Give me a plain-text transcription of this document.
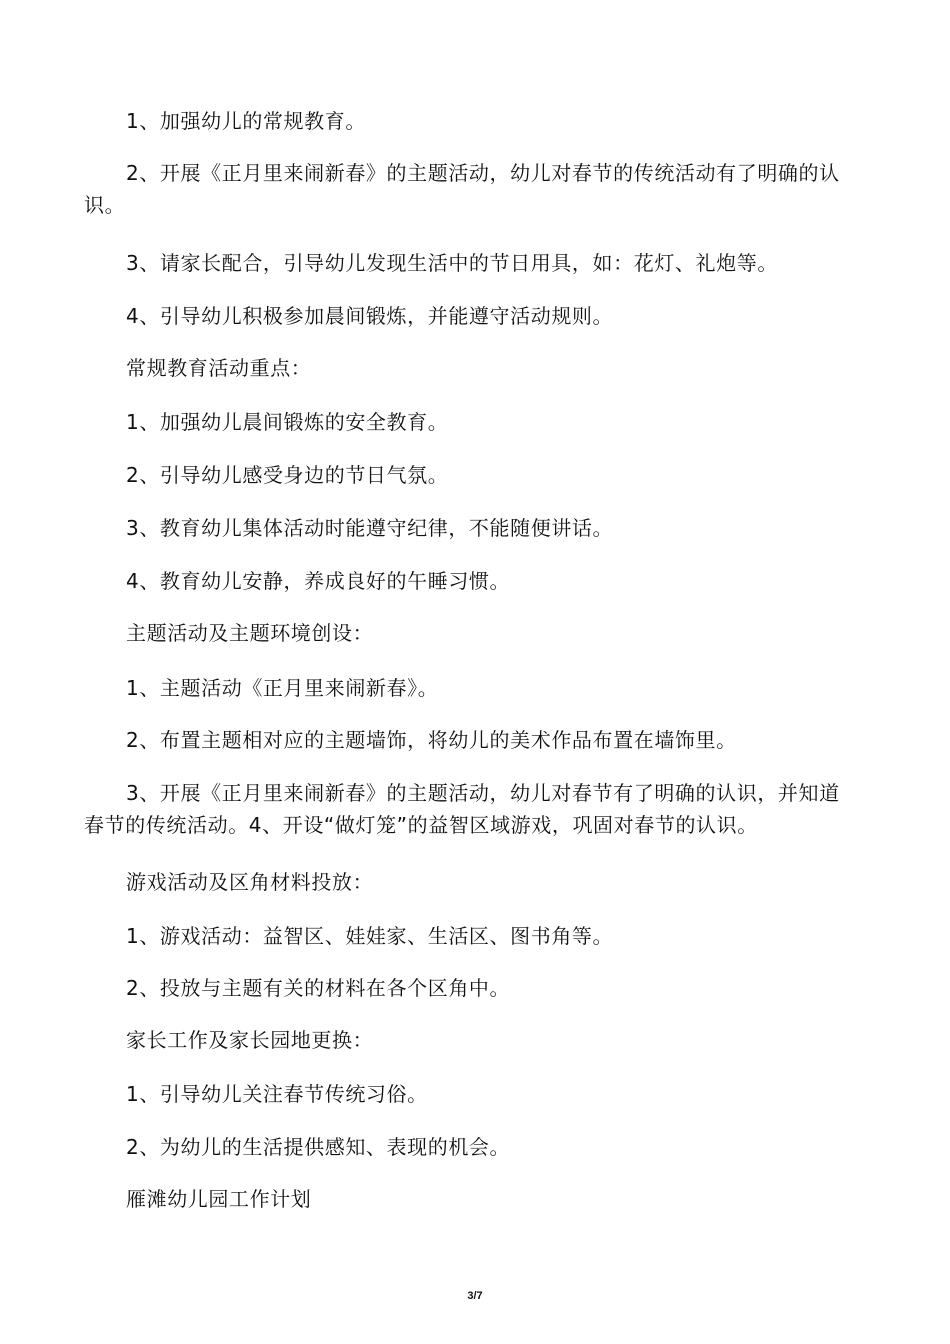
1、加强幼儿的常规教育。

2、开展《正月里来闹新春》的主题活动，幼儿对春节的传统活动有了明确的认识。

3、请家长配合，引导幼儿发现生活中的节日用具，如：花灯、礼炮等。

4、引导幼儿积极参加晨间锻炼，并能遵守活动规则。

常规教育活动重点：

1、加强幼儿晨间锻炼的安全教育。

2、引导幼儿感受身边的节日气氛。

3、教育幼儿集体活动时能遵守纪律，不能随便讲话。

4、教育幼儿安静，养成良好的午睡习惯。

主题活动及主题环境创设：

1、主题活动《正月里来闹新春》。

2、布置主题相对应的主题墙饰，将幼儿的美术作品布置在墙饰里。

3、开展《正月里来闹新春》的主题活动，幼儿对春节有了明确的认识，并知道春节的传统活动。4、开设“做灯笼”的益智区域游戏，巩固对春节的认识。

游戏活动及区角材料投放：

1、游戏活动：益智区、娃娃家、生活区、图书角等。

2、投放与主题有关的材料在各个区角中。

家长工作及家长园地更换：

1、引导幼儿关注春节传统习俗。

2、为幼儿的生活提供感知、表现的机会。

雁滩幼儿园工作计划

3/7
